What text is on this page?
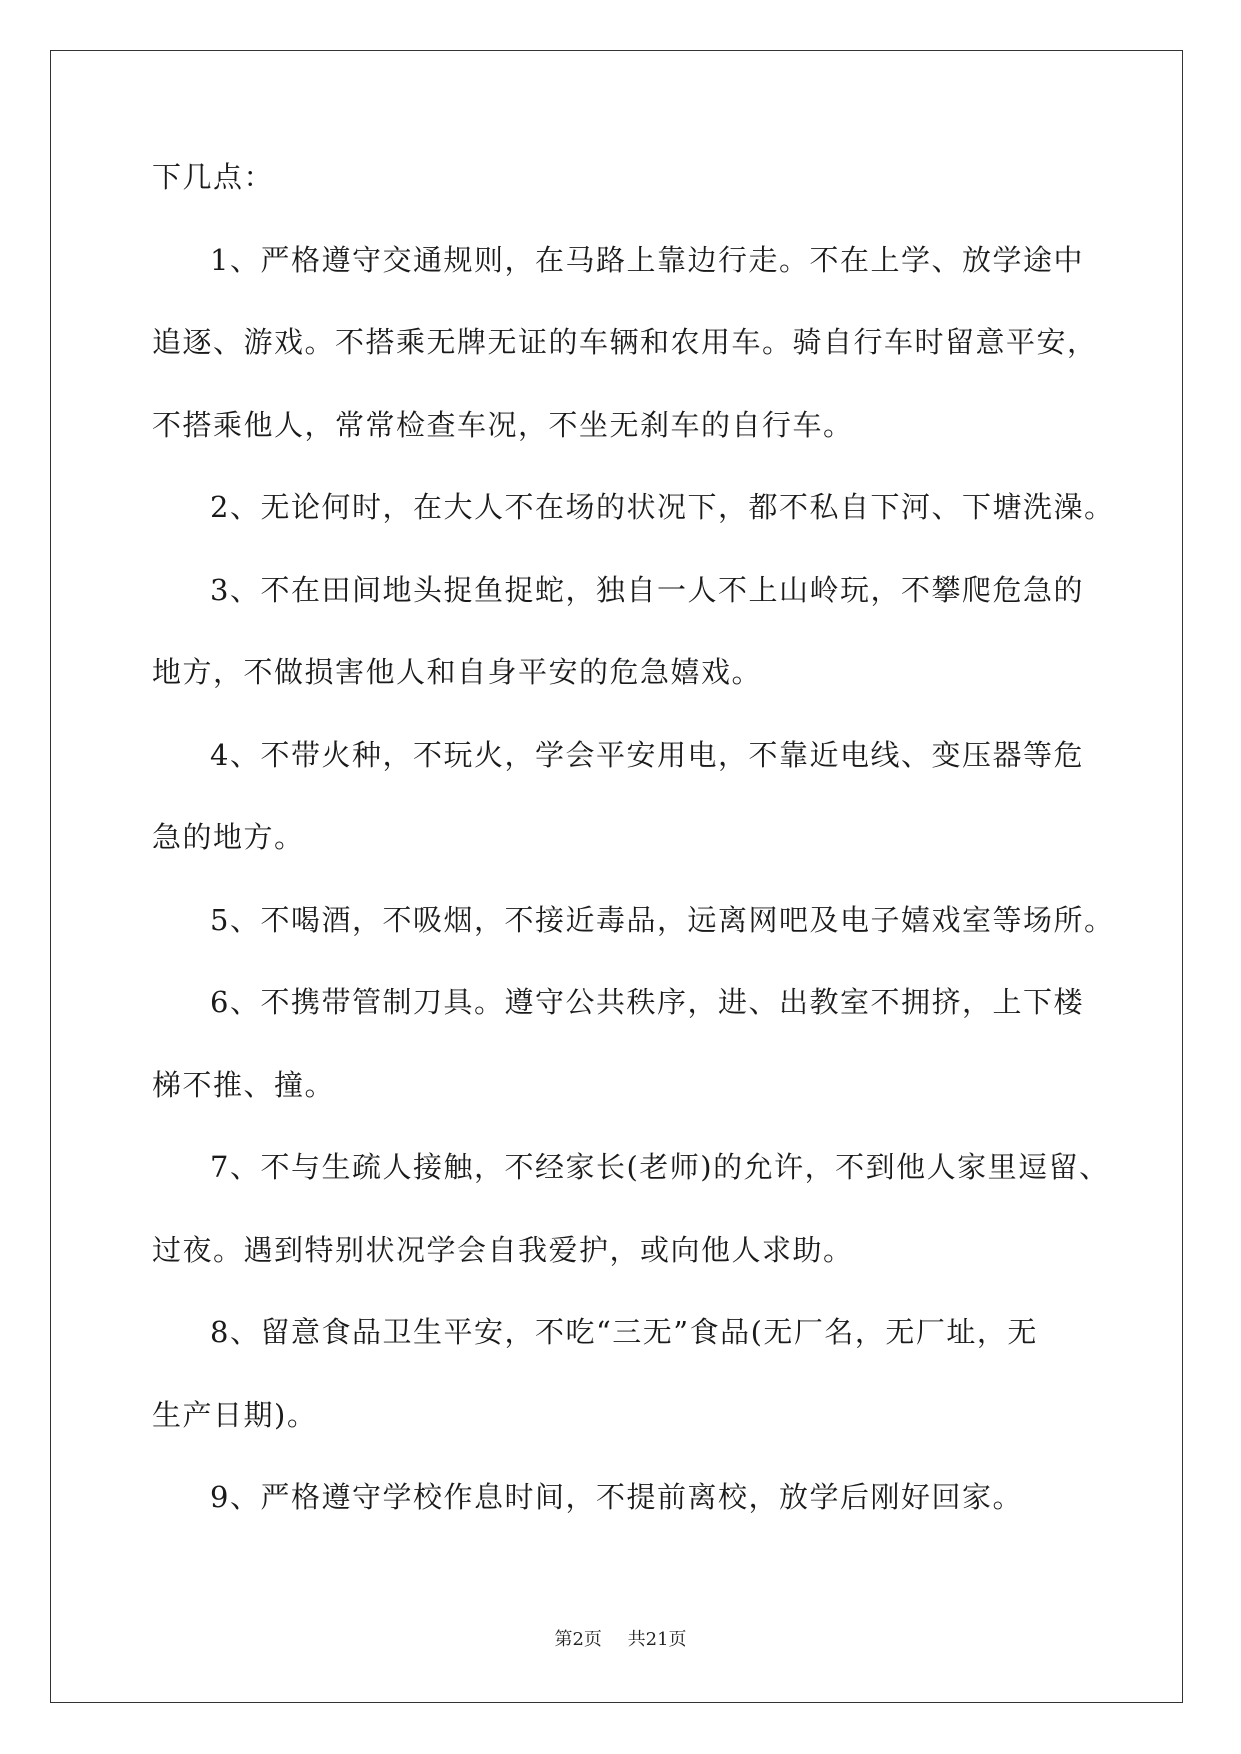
下几点：
1、严格遵守交通规则，在马路上靠边行走。不在上学、放学途中
追逐、游戏。不搭乘无牌无证的车辆和农用车。骑自行车时留意平安，
不搭乘他人，常常检查车况，不坐无刹车的自行车。
2、无论何时，在大人不在场的状况下，都不私自下河、下塘洗澡。
3、不在田间地头捉鱼捉蛇，独自一人不上山岭玩，不攀爬危急的
地方，不做损害他人和自身平安的危急嬉戏。
4、不带火种，不玩火，学会平安用电，不靠近电线、变压器等危
急的地方。
5、不喝酒，不吸烟，不接近毒品，远离网吧及电子嬉戏室等场所。
6、不携带管制刀具。遵守公共秩序，进、出教室不拥挤，上下楼
梯不推、撞。
7、不与生疏人接触，不经家长(老师)的允许，不到他人家里逗留、
过夜。遇到特别状况学会自我爱护，或向他人求助。
8、留意食品卫生平安，不吃“三无”食品(无厂名，无厂址，无
生产日期)。
9、严格遵守学校作息时间，不提前离校，放学后刚好回家。
第2页 共21页
